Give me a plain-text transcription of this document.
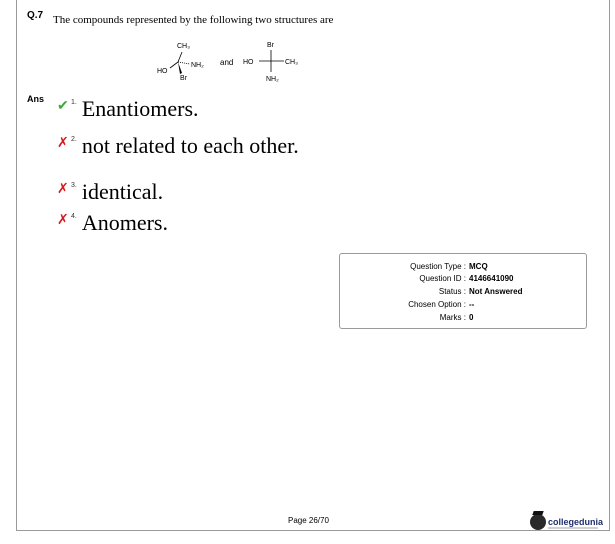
Q.7 The compounds represented by the following two structures are
CH₃
NH₂
Br
HO
and
Br
HO	CH₃
NH₂
Ans ✔ 1. Enantiomers.
✗ 2. not related to each other.
✗ 3. identical.
✗ 4. Anomers.
Question Type : MCQ
Question ID : 4146641090
Status : Not Answered
Chosen Option : --
Marks : 0
Page 26/70	collegedunia
